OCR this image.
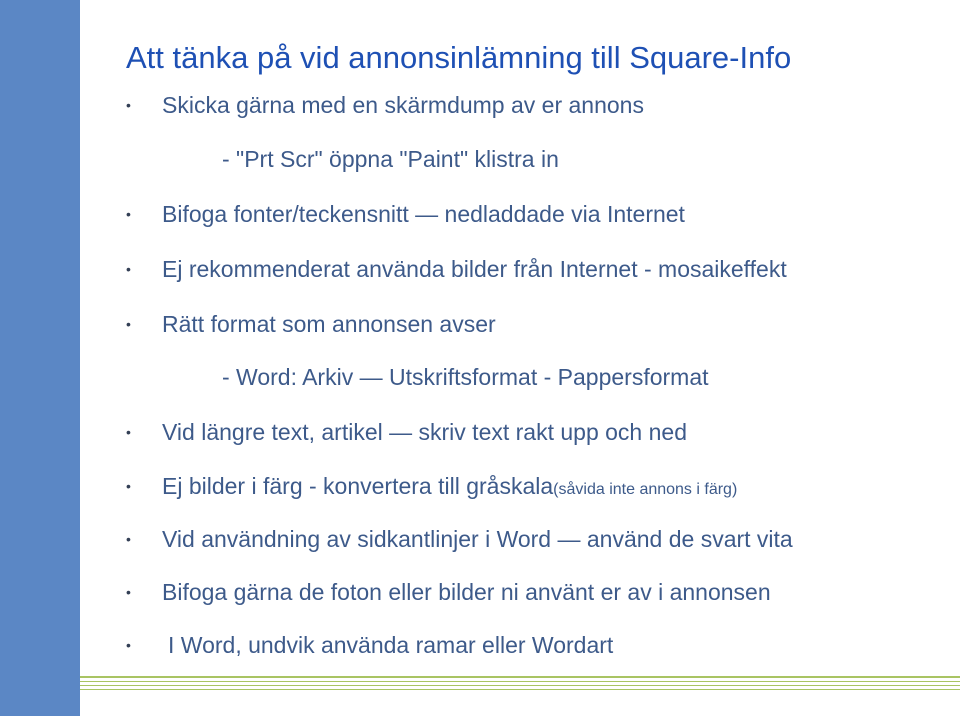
Att tänka på vid annonsinlämning till Square-Info
•	Skicka gärna med en skärmdump av er annons
- "Prt Scr" öppna "Paint" klistra in
•	Bifoga fonter/teckensnitt — nedladdade via Internet
•	Ej rekommenderat använda bilder från Internet - mosaikeffekt
•	Rätt format som annonsen avser
- Word: Arkiv — Utskriftsformat - Pappersformat
•	Vid längre text, artikel — skriv text rakt upp och ned
•	Ej bilder i färg - konvertera till gråskala(såvida inte annons i färg)
•	Vid användning av sidkantlinjer i Word — använd de svart vita
•	Bifoga gärna de foton eller bilder ni använt er av i annonsen
•	I Word, undvik använda ramar eller Wordart
